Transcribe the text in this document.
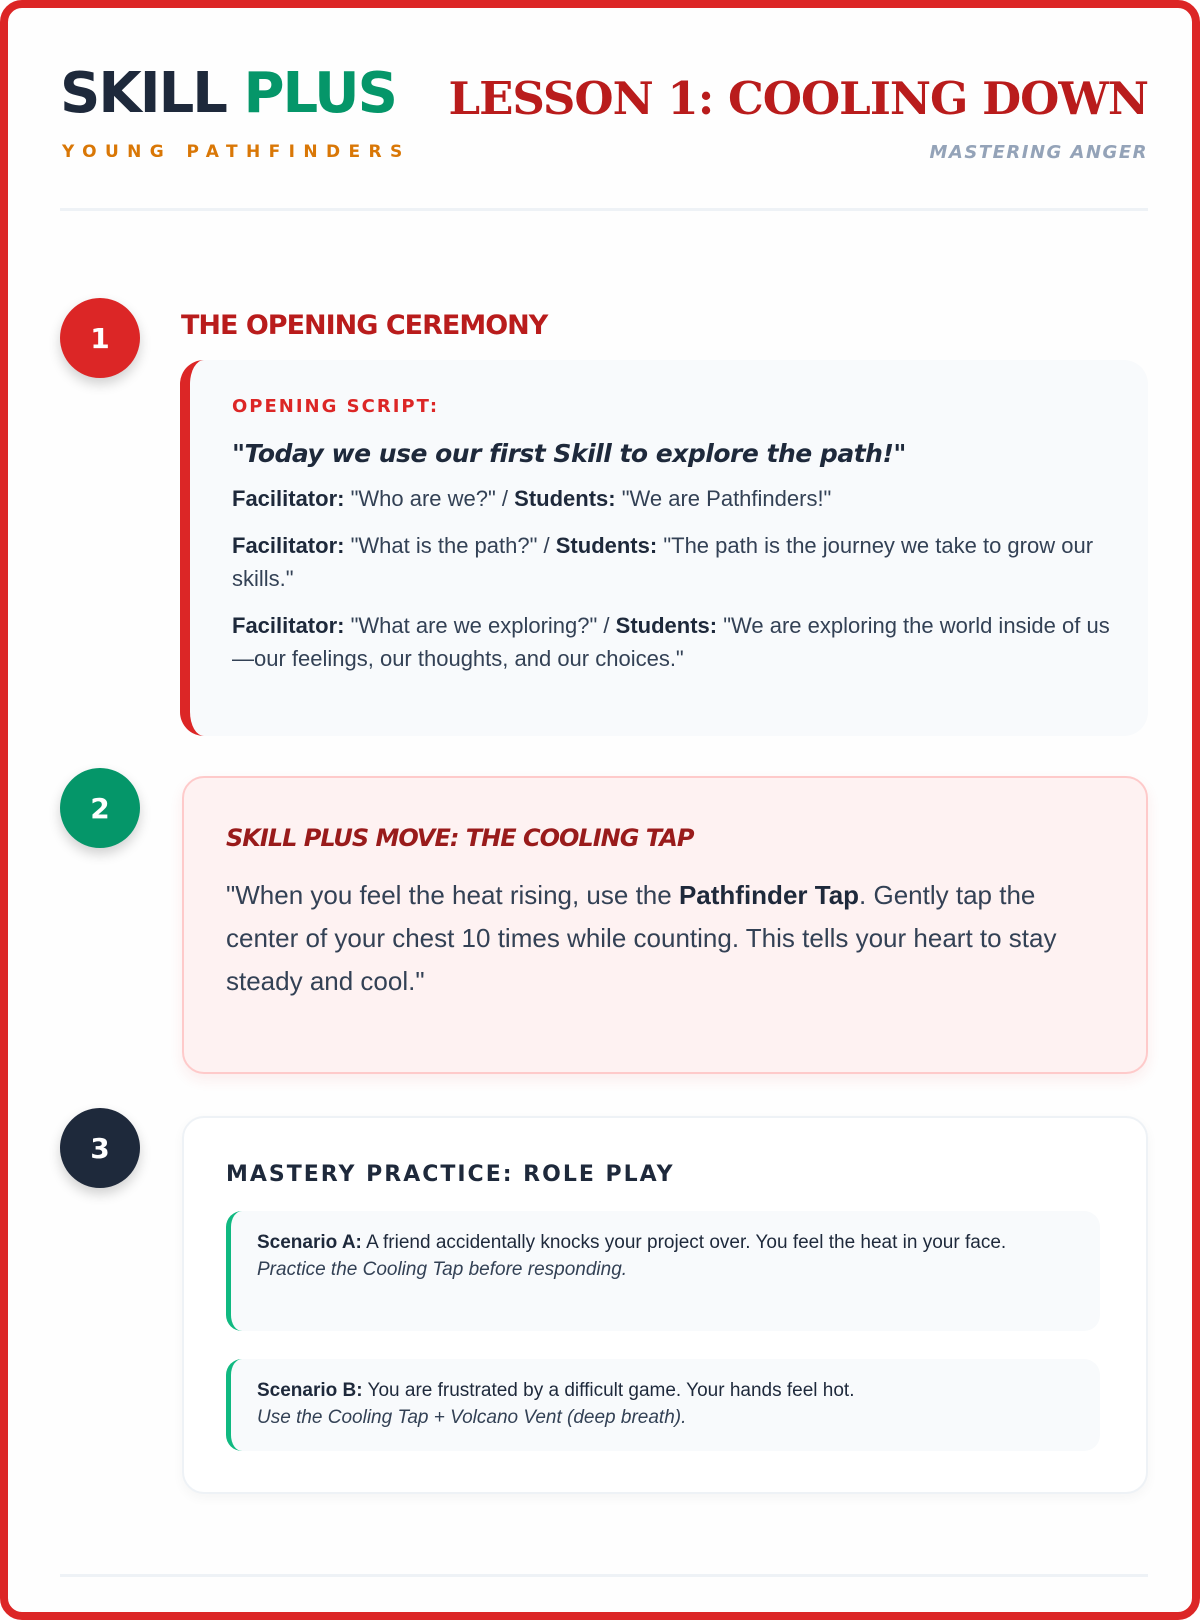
SKILL PLUS
YOUNG PATHFINDERS
LESSON 1: COOLING DOWN
MASTERING ANGER
1	THE OPENING CEREMONY
OPENING SCRIPT:
"Today we use our first Skill to explore the path!"
Facilitator: "Who are we?" / Students: "We are Pathfinders!"
Facilitator: "What is the path?" / Students: "The path is the journey we take to grow our skills."
Facilitator: "What are we exploring?" / Students: "We are exploring the world inside of us—our feelings, our thoughts, and our choices."
2
SKILL PLUS MOVE: THE COOLING TAP
"When you feel the heat rising, use the Pathfinder Tap. Gently tap the center of your chest 10 times while counting. This tells your heart to stay steady and cool."
3
MASTERY PRACTICE: ROLE PLAY
Scenario A: A friend accidentally knocks your project over. You feel the heat in your face.
Practice the Cooling Tap before responding.
Scenario B: You are frustrated by a difficult game. Your hands feel hot.
Use the Cooling Tap + Volcano Vent (deep breath).
